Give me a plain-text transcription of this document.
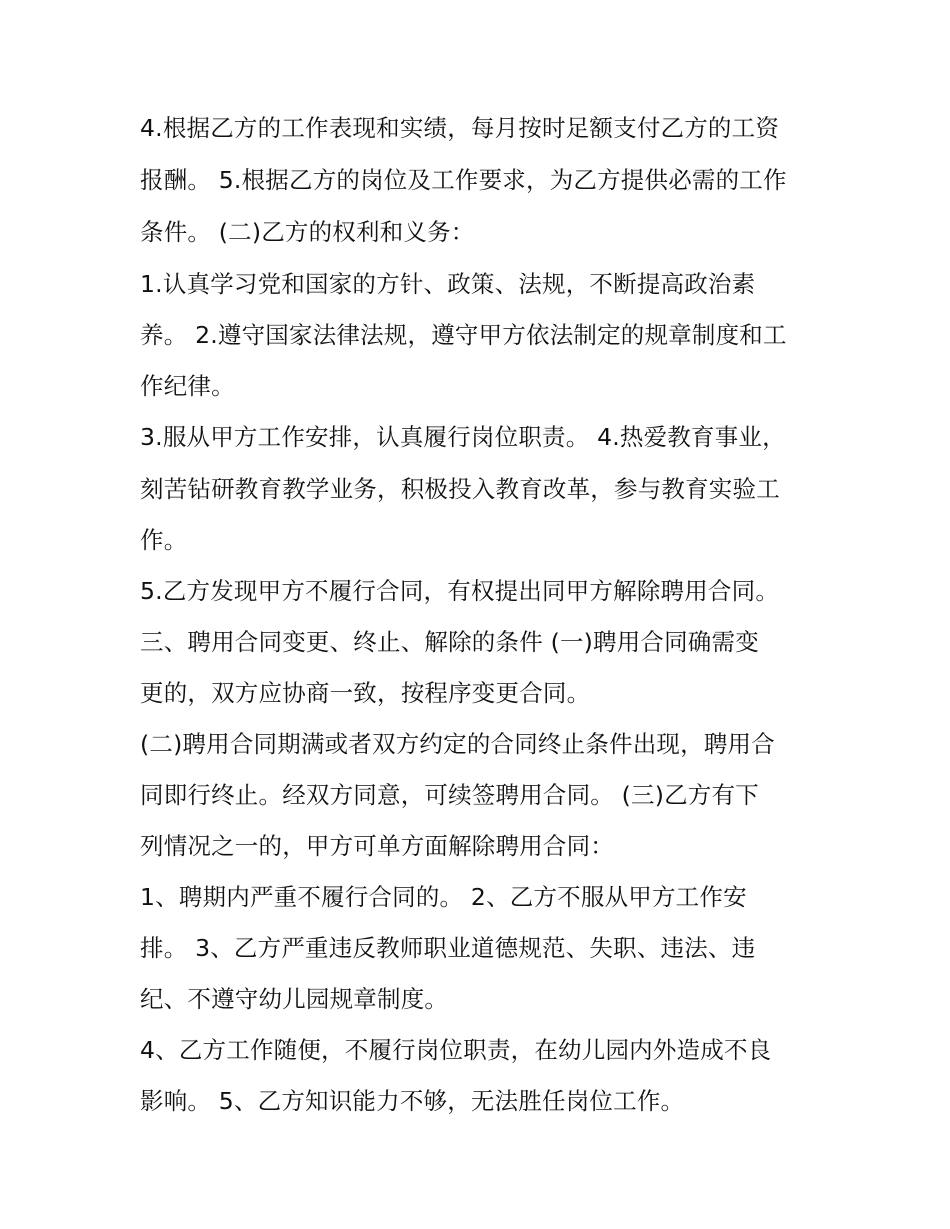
4.根据乙方的工作表现和实绩，每月按时足额支付乙方的工资
报酬。 5.根据乙方的岗位及工作要求，为乙方提供必需的工作
条件。 (二)乙方的权利和义务：
1.认真学习党和国家的方针、政策、法规，不断提高政治素
养。 2.遵守国家法律法规，遵守甲方依法制定的规章制度和工
作纪律。
3.服从甲方工作安排，认真履行岗位职责。 4.热爱教育事业，
刻苦钻研教育教学业务，积极投入教育改革，参与教育实验工
作。
5.乙方发现甲方不履行合同，有权提出同甲方解除聘用合同。
三、聘用合同变更、终止、解除的条件 (一)聘用合同确需变
更的，双方应协商一致，按程序变更合同。
(二)聘用合同期满或者双方约定的合同终止条件出现，聘用合
同即行终止。经双方同意，可续签聘用合同。 (三)乙方有下
列情况之一的，甲方可单方面解除聘用合同：
1、聘期内严重不履行合同的。 2、乙方不服从甲方工作安
排。 3、乙方严重违反教师职业道德规范、失职、违法、违
纪、不遵守幼儿园规章制度。
4、乙方工作随便，不履行岗位职责，在幼儿园内外造成不良
影响。 5、乙方知识能力不够，无法胜任岗位工作。
